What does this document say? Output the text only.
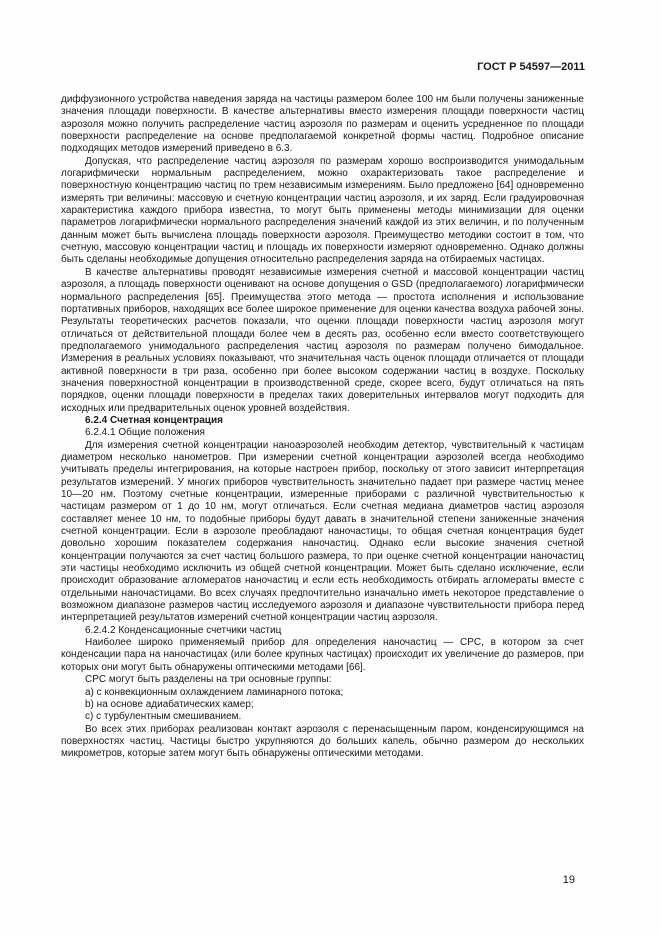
ГОСТ Р 54597—2011

диффузионного устройства наведения заряда на частицы размером более 100 нм были получены заниженные значения площади поверхности. В качестве альтернативы вместо измерения площади поверхности частиц аэрозоля можно получить распределение частиц аэрозоля по размерам и оценить усредненное по площади поверхности распределение на основе предполагаемой конкретной формы частиц. Подробное описание подходящих методов измерений приведено в 6.3.

Допуская, что распределение частиц аэрозоля по размерам хорошо воспроизводится унимодальным логарифмически нормальным распределением, можно охарактеризовать такое распределение и поверхностную концентрацию частиц по трем независимым измерениям. Было предложено [64] одновременно измерять три величины: массовую и счетную концентрации частиц аэрозоля, и их заряд. Если градуировочная характеристика каждого прибора известна, то могут быть применены методы минимизации для оценки параметров логарифмически нормального распределения значений каждой из этих величин, и по полученным данным может быть вычислена площадь поверхности аэрозоля. Преимущество методики состоит в том, что счетную, массовую концентрации частиц и площадь их поверхности измеряют одновременно. Однако должны быть сделаны необходимые допущения относительно распределения заряда на отбираемых частицах.

В качестве альтернативы проводят независимые измерения счетной и массовой концентрации частиц аэрозоля, а площадь поверхности оценивают на основе допущения о GSD (предполагаемого) логарифмически нормального распределения [65]. Преимущества этого метода — простота исполнения и использование портативных приборов, находящих все более широкое применение для оценки качества воздуха рабочей зоны. Результаты теоретических расчетов показали, что оценки площади поверхности частиц аэрозоля могут отличаться от действительной площади более чем в десять раз, особенно если вместо соответствующего предполагаемого унимодального распределения частиц аэрозоля по размерам получено бимодальное. Измерения в реальных условиях показывают, что значительная часть оценок площади отличается от площади активной поверхности в три раза, особенно при более высоком содержании частиц в воздухе. Поскольку значения поверхностной концентрации в производственной среде, скорее всего, будут отличаться на пять порядков, оценки площади поверхности в пределах таких доверительных интервалов могут подходить для исходных или предварительных оценок уровней воздействия.

6.2.4 Счетная концентрация

6.2.4.1 Общие положения

Для измерения счетной концентрации наноаэрозолей необходим детектор, чувствительный к частицам диаметром несколько нанометров. При измерении счетной концентрации аэрозолей всегда необходимо учитывать пределы интегрирования, на которые настроен прибор, поскольку от этого зависит интерпретация результатов измерений. У многих приборов чувствительность значительно падает при размере частиц менее 10—20 нм. Поэтому счетные концентрации, измеренные приборами с различной чувствительностью к частицам размером от 1 до 10 нм, могут отличаться. Если счетная медиана диаметров частиц аэрозоля составляет менее 10 нм, то подобные приборы будут давать в значительной степени заниженные значения счетной концентрации. Если в аэрозоле преобладают наночастицы, то общая счетная концентрация будет довольно хорошим показателем содержания наночастиц. Однако если высокие значения счетной концентрации получаются за счет частиц большого размера, то при оценке счетной концентрации наночастиц эти частицы необходимо исключить из общей счетной концентрации. Может быть сделано исключение, если происходит образование агломератов наночастиц и если есть необходимость отбирать агломераты вместе с отдельными наночастицами. Во всех случаях предпочтительно изначально иметь некоторое представление о возможном диапазоне размеров частиц исследуемого аэрозоля и диапазоне чувствительности прибора перед интерпретацией результатов измерений счетной концентрации частиц аэрозоля.

6.2.4.2 Конденсационные счетчики частиц

Наиболее широко применяемый прибор для определения наночастиц — CPC, в котором за счет конденсации пара на наночастицах (или более крупных частицах) происходит их увеличение до размеров, при которых они могут быть обнаружены оптическими методами [66].

CPC могут быть разделены на три основные группы:

a) с конвекционным охлаждением ламинарного потока;

b) на основе адиабатических камер;

c) с турбулентным смешиванием.

Во всех этих приборах реализован контакт аэрозоля с перенасыщенным паром, конденсирующимся на поверхностях частиц. Частицы быстро укрупняются до больших капель, обычно размером до нескольких микрометров, которые затем могут быть обнаружены оптическими методами.

19
